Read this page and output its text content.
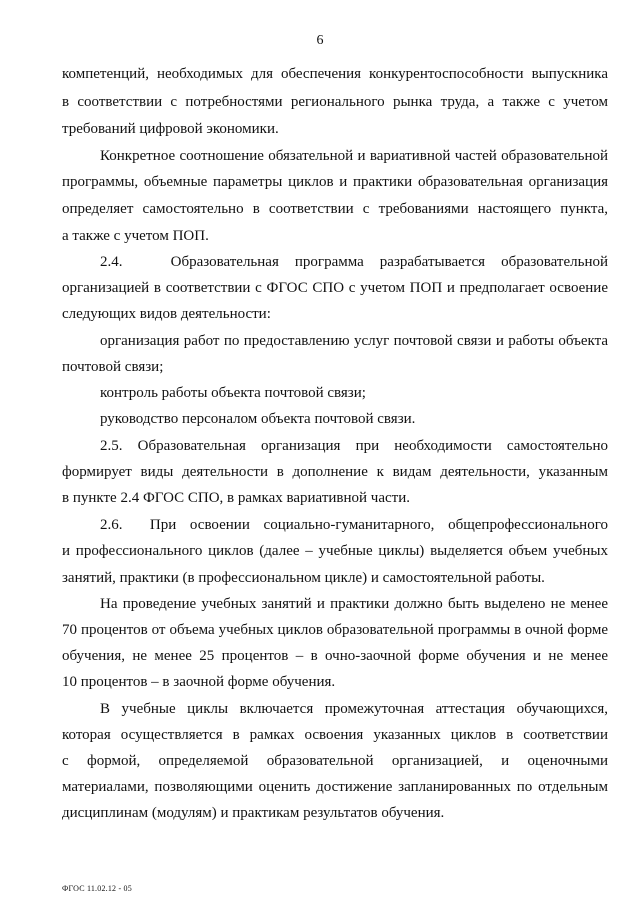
6
компетенций, необходимых для обеспечения конкурентоспособности выпускника
в соответствии с потребностями регионального рынка труда, а также с учетом
требований цифровой экономики.
Конкретное соотношение обязательной и вариативной частей образовательной
программы, объемные параметры циклов и практики образовательная организация
определяет самостоятельно в соответствии с требованиями настоящего пункта,
а также с учетом ПОП.
2.4.   Образовательная программа разрабатывается образовательной
организацией в соответствии с ФГОС СПО с учетом ПОП и предполагает освоение
следующих видов деятельности:
организация работ по предоставлению услуг почтовой связи и работы объекта
почтовой связи;
контроль работы объекта почтовой связи;
руководство персоналом объекта почтовой связи.
2.5. Образовательная организация при необходимости самостоятельно
формирует виды деятельности в дополнение к видам деятельности, указанным
в пункте 2.4 ФГОС СПО, в рамках вариативной части.
2.6.  При освоении социально-гуманитарного, общепрофессионального
и профессионального циклов (далее – учебные циклы) выделяется объем учебных
занятий, практики (в профессиональном цикле) и самостоятельной работы.
На проведение учебных занятий и практики должно быть выделено не менее
70 процентов от объема учебных циклов образовательной программы в очной форме
обучения, не менее 25 процентов – в очно-заочной форме обучения и не менее
10 процентов – в заочной форме обучения.
В учебные циклы включается промежуточная аттестация обучающихся,
которая осуществляется в рамках освоения указанных циклов в соответствии
с формой, определяемой образовательной организацией, и оценочными
материалами, позволяющими оценить достижение запланированных по отдельным
дисциплинам (модулям) и практикам результатов обучения.
ФГОС 11.02.12 - 05
